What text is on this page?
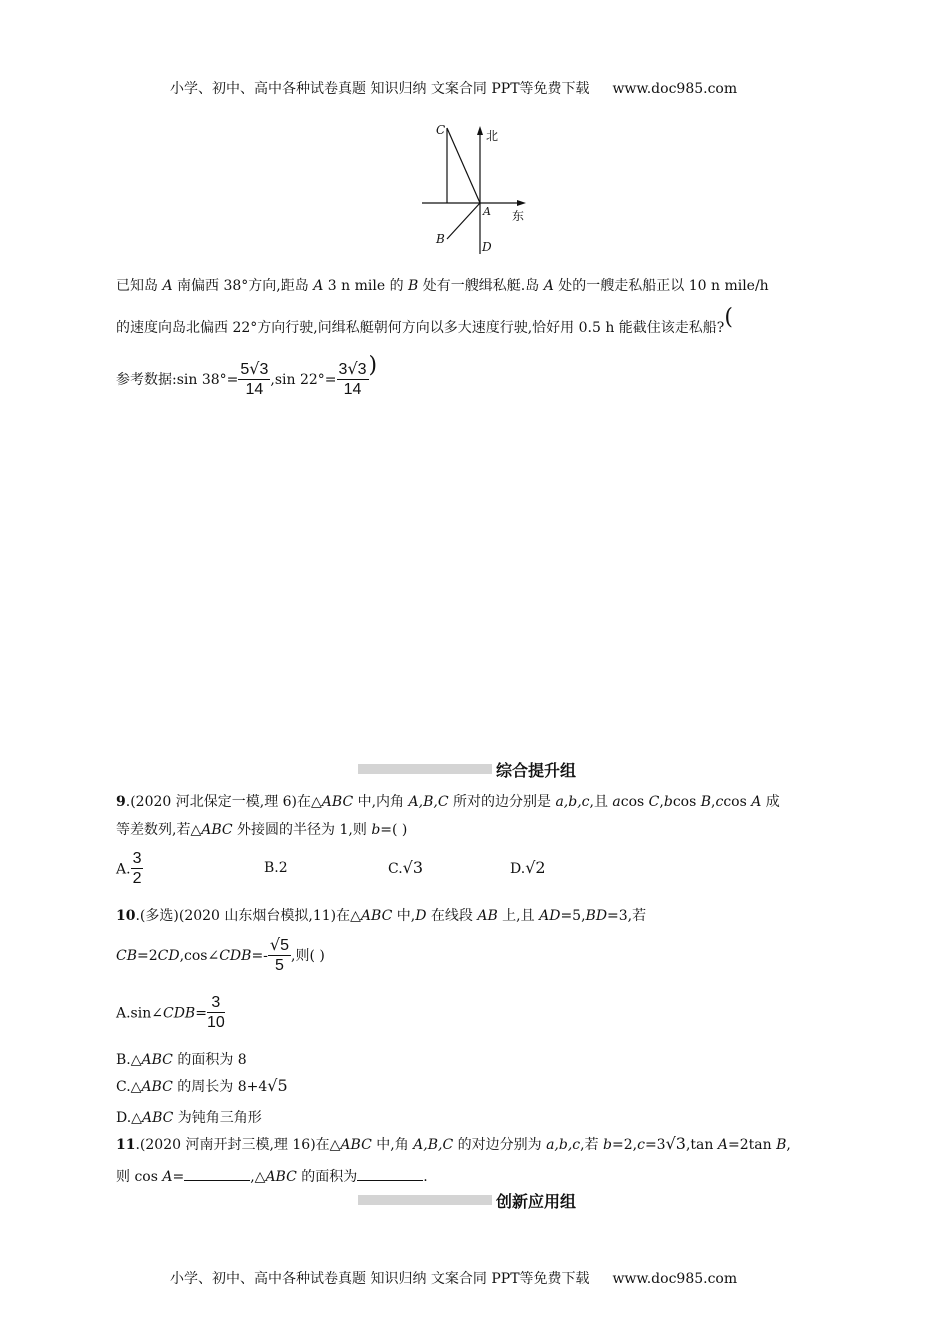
小学、初中、高中各种试卷真题 知识归纳 文案合同 PPT等免费下载 www.doc985.com
C	北
A 东
B
D
已知岛 A 南偏西 38°方向,距岛 A 3 n mile 的 B 处有一艘缉私艇.岛 A 处的一艘走私船正以 10 n mile/h
的速度向岛北偏西 22°方向行驶,问缉私艇朝何方向以多大速度行驶,恰好用 0.5 h 能截住该走私船?(
参考数据:sin $38^\circ= \frac{5√3}{14} ,\sin$ $22^\circ= \frac{3√3}{14}$ )
综合提升组
9.(2020 河北保定一模,理 6)在△ABC 中,内角 A,B,C 所对的边分别是 a,b,c,且 acos C,bcos B,ccos A 成
等差数列,若△ABC 外接圆的半径为 1,则 b=( )
A. $\frac{3}{2}$	B.2	C.√3	D.√2
10.(多选)(2020 山东烟台模拟,11)在△ABC 中,D 在线段 AB 上,且 AD=5,BD=3,若
CB=2CD,cos∠CDB=- $\frac{√5}{5}$ ,则( )
A.sin∠CDB= $\frac{3}{10}$
B.△ABC 的面积为 8
C.△ABC 的周长为 8+4√5
D.△ABC 为钝角三角形
11.(2020 河南开封三模,理 16)在△ABC 中,角 A,B,C 的对边分别为 a,b,c,若 b=2,c=3√3,tan A=2tan B,
则 cos A=	,△ABC 的面积为	.
创新应用组
小学、初中、高中各种试卷真题 知识归纳 文案合同 PPT等免费下载 www.doc985.com
